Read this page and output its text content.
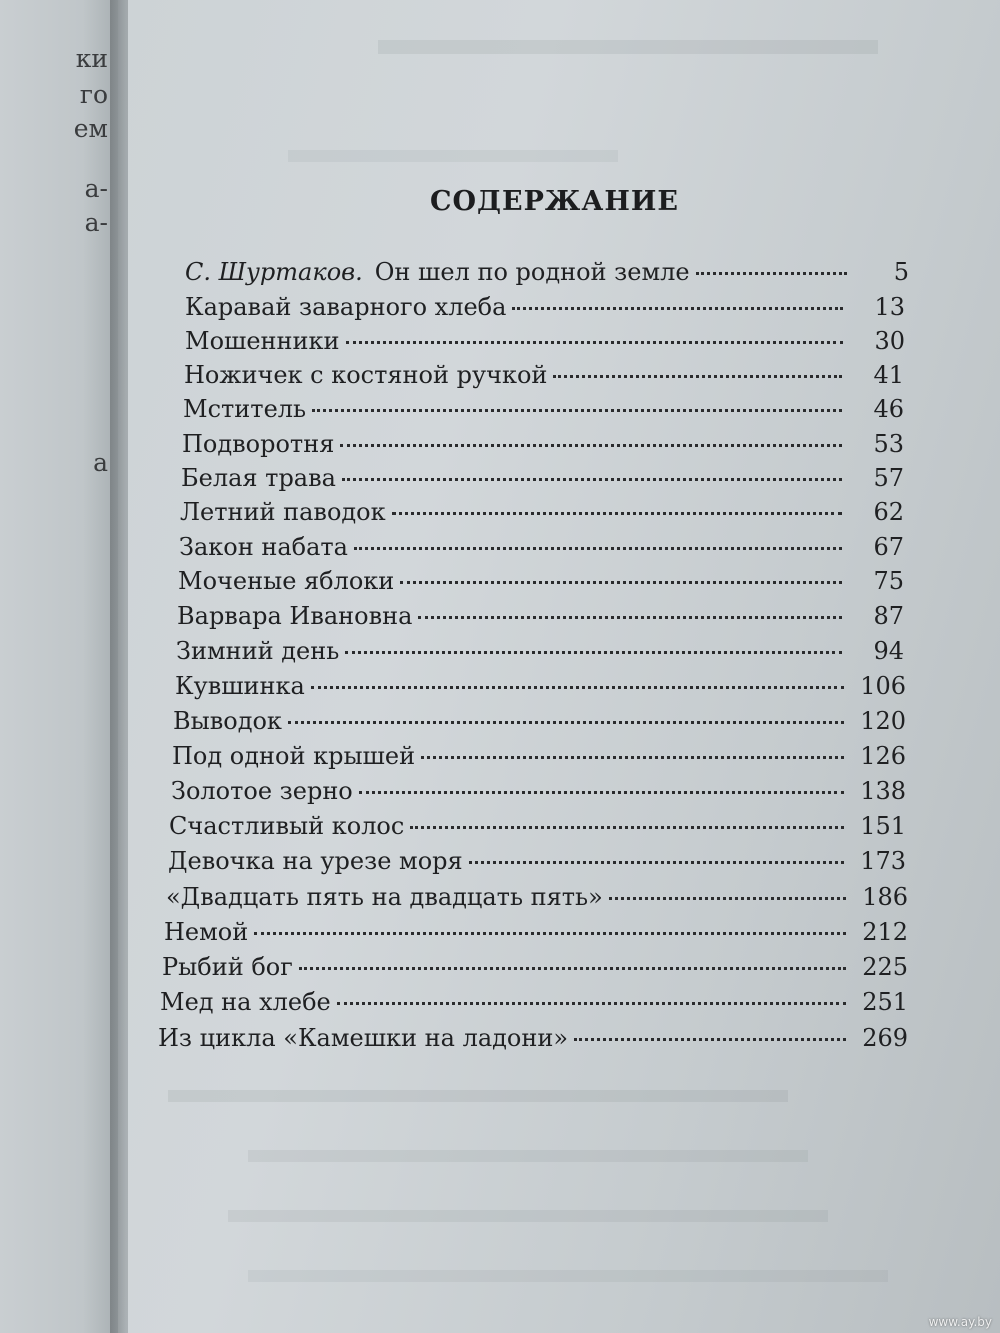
ки
го
ем
а-
а-
а
СОДЕРЖАНИЕ
С. Шуртаков. Он шел по родной земле	5
Каравай заварного хлеба	13
Мошенники	30
Ножичек с костяной ручкой	41
Мститель	46
Подворотня	53
Белая трава	57
Летний паводок	62
Закон набата	67
Моченые яблоки	75
Варвара Ивановна	87
Зимний день	94
Кувшинка	106
Выводок	120
Под одной крышей	126
Золотое зерно	138
Счастливый колос	151
Девочка на урезе моря	173
«Двадцать пять на двадцать пять»	186
Немой	212
Рыбий бог	225
Мед на хлебе	251
Из цикла «Камешки на ладони»	269
www.ay.by
